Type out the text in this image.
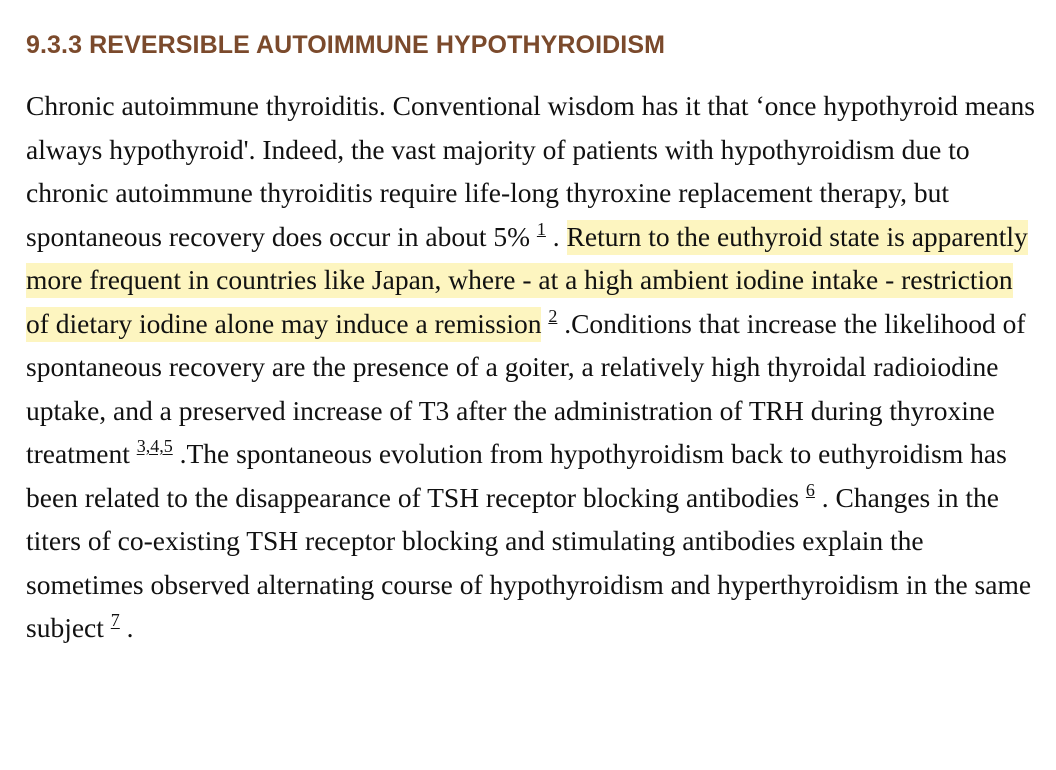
9.3.3 REVERSIBLE AUTOIMMUNE HYPOTHYROIDISM

Chronic autoimmune thyroiditis. Conventional wisdom has it that ‘once hypothyroid means always hypothyroid'. Indeed, the vast majority of patients with hypothyroidism due to chronic autoimmune thyroiditis require life-long thyroxine replacement therapy, but spontaneous recovery does occur in about 5% $^1$ . Return to the euthyroid state is apparently more frequent in countries like Japan, where - at a high ambient iodine intake - restriction of dietary iodine alone may induce a remission $^2$ .Conditions that increase the likelihood of spontaneous recovery are the presence of a goiter, a relatively high thyroidal radioiodine uptake, and a preserved increase of T3 after the administration of TRH during thyroxine treatment $^{3,4,5}$ .The spontaneous evolution from hypothyroidism back to euthyroidism has been related to the disappearance of TSH receptor blocking antibodies $^6$ . Changes in the titers of co-existing TSH receptor blocking and stimulating antibodies explain the sometimes observed alternating course of hypothyroidism and hyperthyroidism in the same subject $^7$ .
